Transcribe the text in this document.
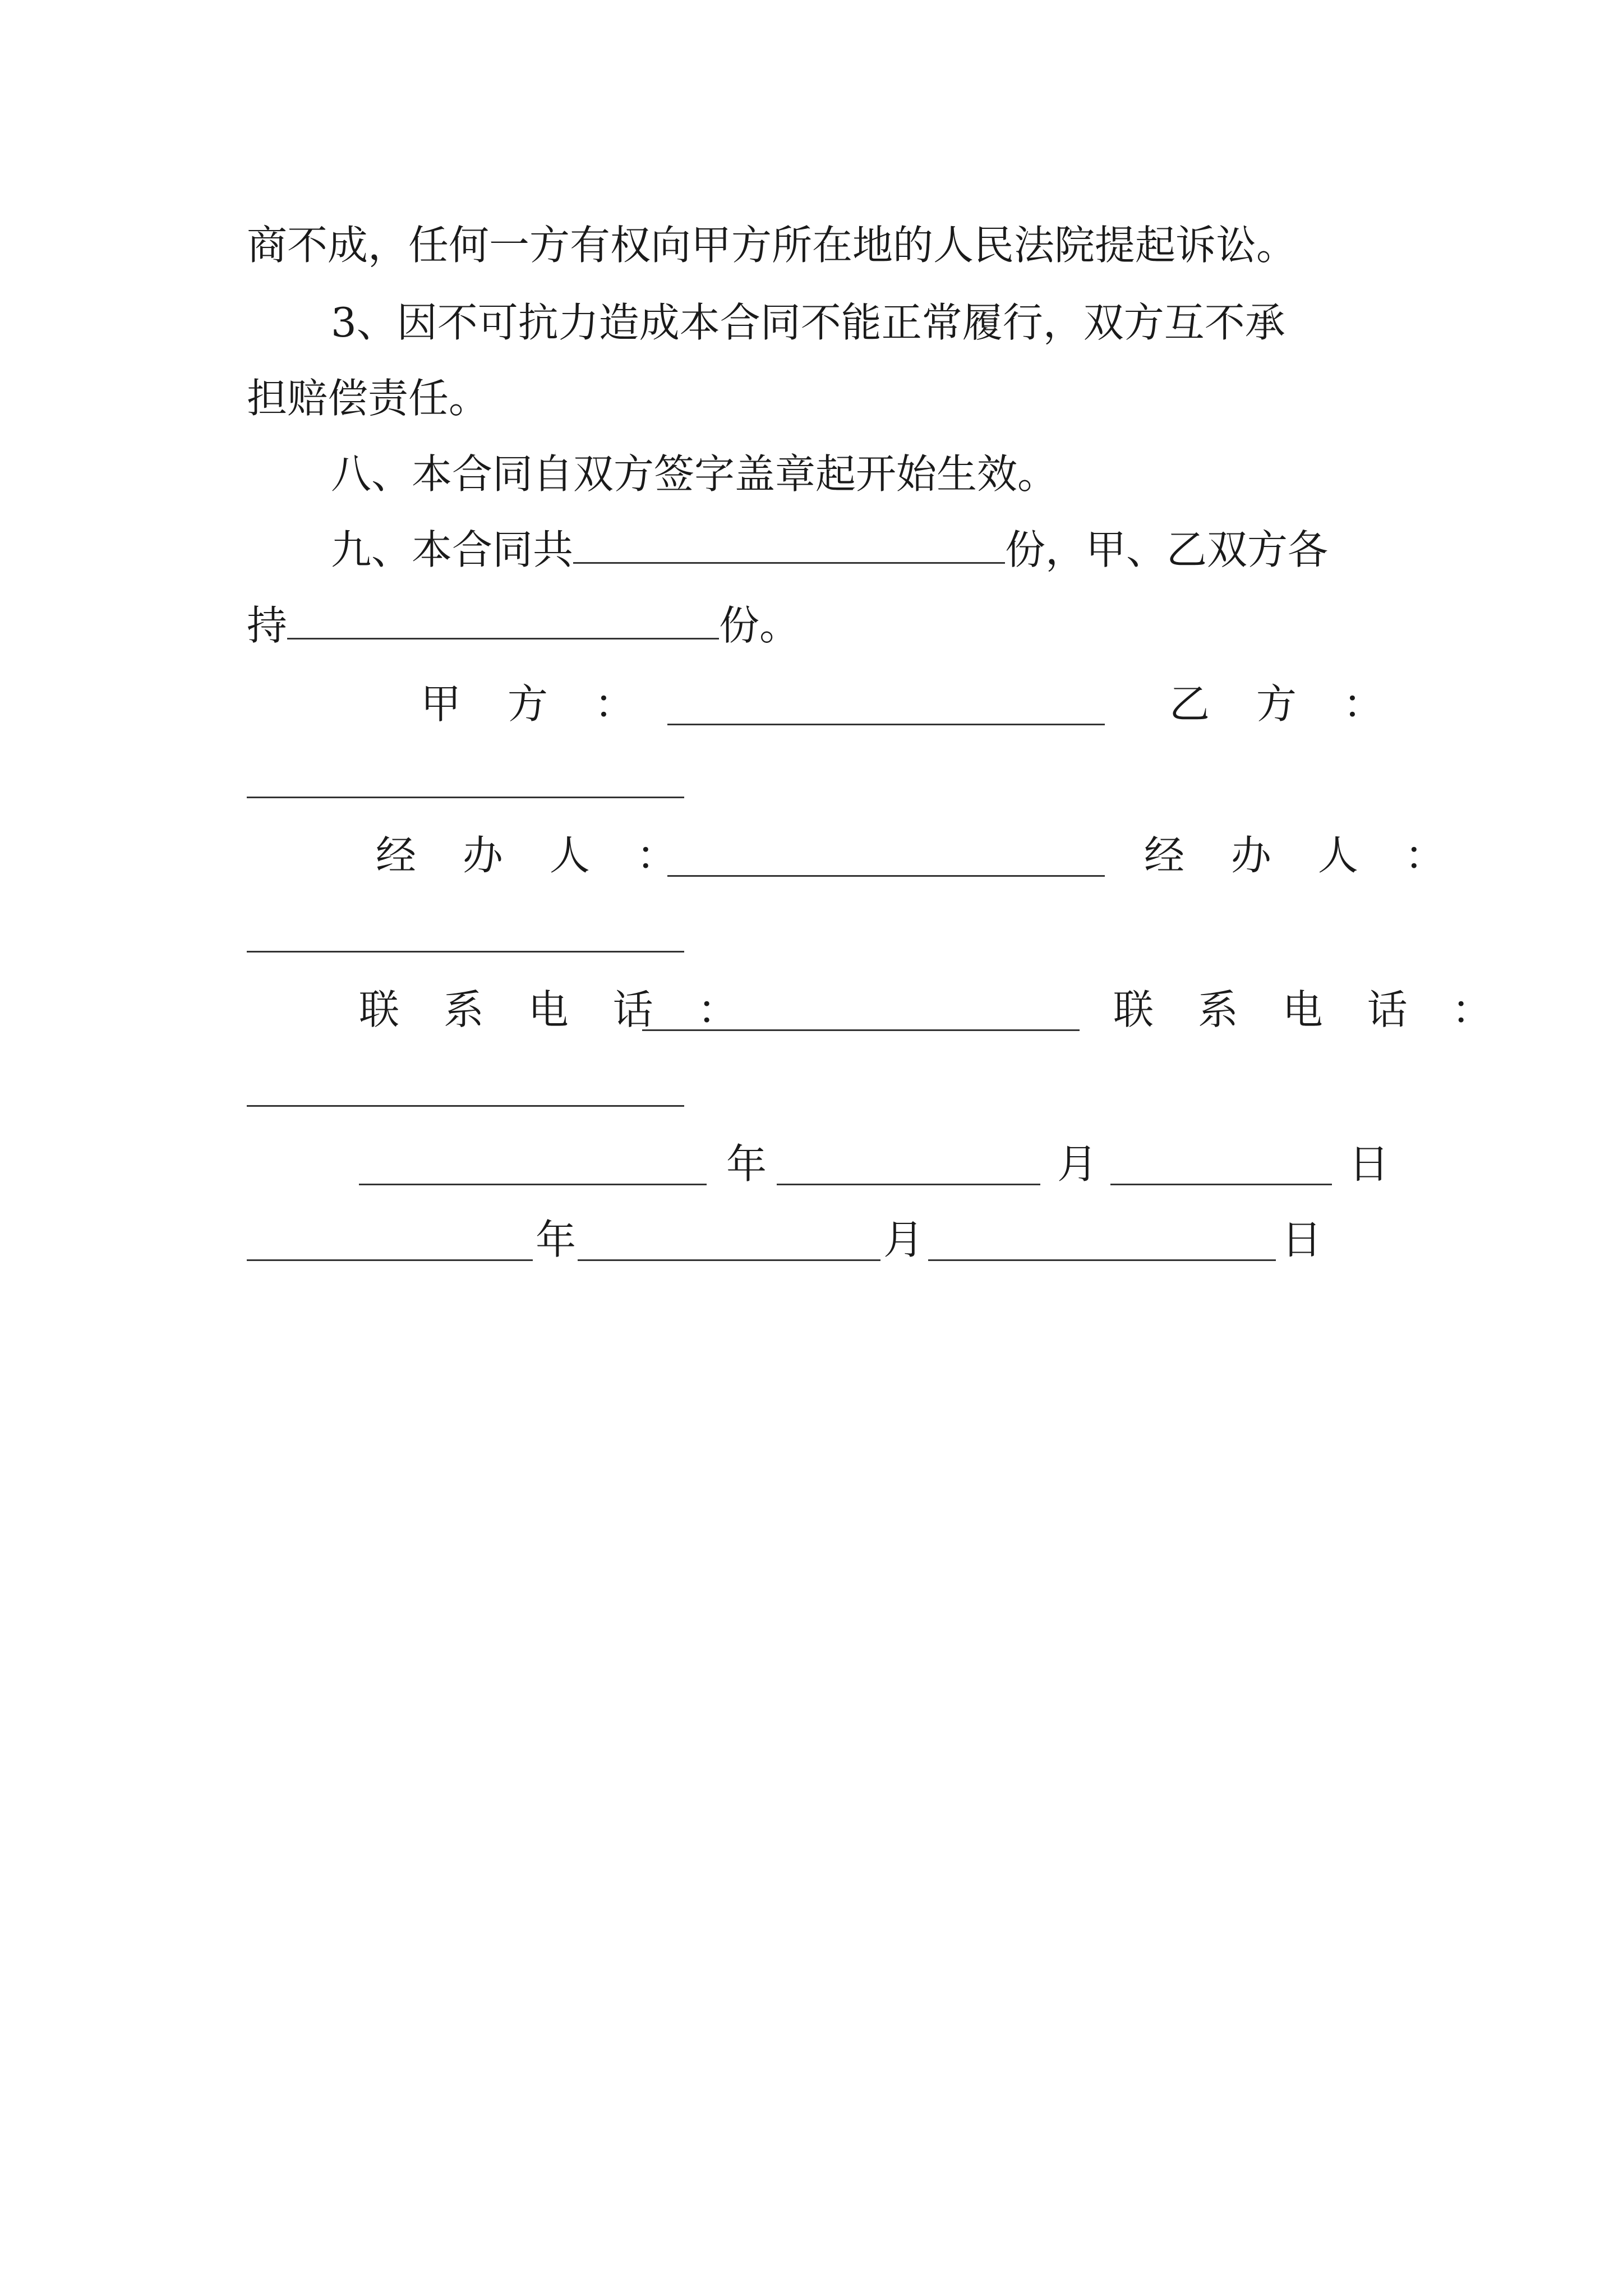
商不成，任何一方有权向甲方所在地的人民法院提起诉讼。
3、因不可抗力造成本合同不能正常履行，双方互不承
担赔偿责任。
八、本合同自双方签字盖章起开始生效。
九、本合同共	份，甲、乙双方各
持	份。
甲 方 ：	乙 方 ：
经 办 人 ：	经 办 人 ：
联 系 电 话 ：	联 系 电 话 ：
年	月	日
年	月	日
